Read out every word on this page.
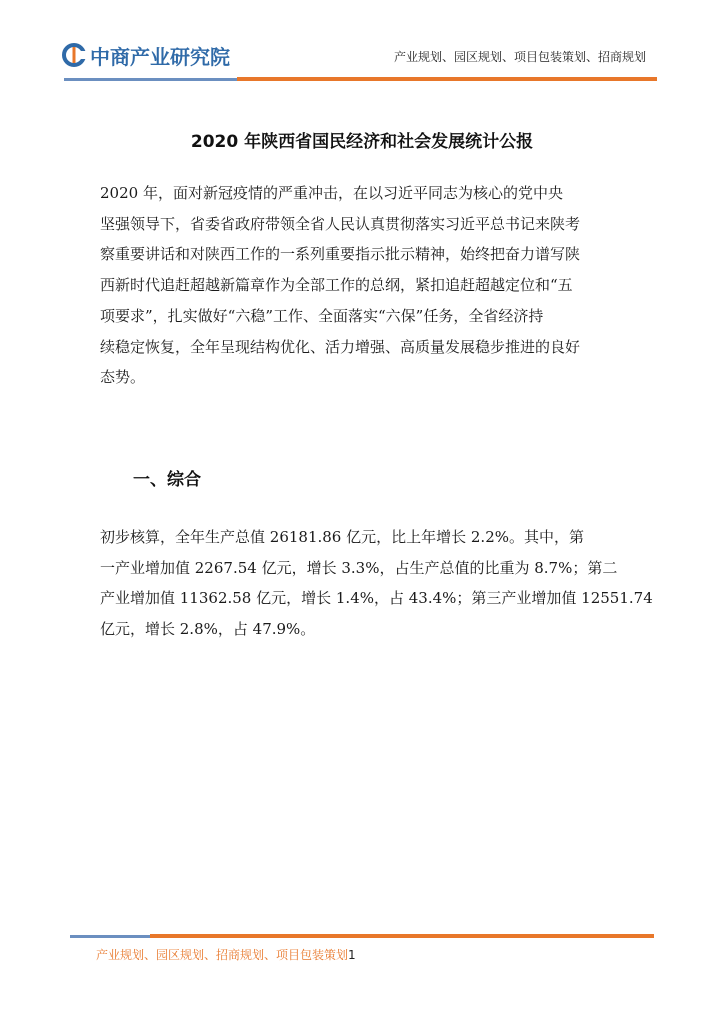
中商产业研究院	产业规划、园区规划、项目包装策划、招商规划
2020 年陕西省国民经济和社会发展统计公报

2020 年，面对新冠疫情的严重冲击，在以习近平同志为核心的党中央
坚强领导下，省委省政府带领全省人民认真贯彻落实习近平总书记来陕考
察重要讲话和对陕西工作的一系列重要指示批示精神，始终把奋力谱写陕
西新时代追赶超越新篇章作为全部工作的总纲，紧扣追赶超越定位和“五
项要求”，扎实做好“六稳”工作、全面落实“六保”任务，全省经济持
续稳定恢复，全年呈现结构优化、活力增强、高质量发展稳步推进的良好
态势。

一、综合

初步核算，全年生产总值 26181.86 亿元，比上年增长 2.2%。其中，第
一产业增加值 2267.54 亿元，增长 3.3%，占生产总值的比重为 8.7%；第二
产业增加值 11362.58 亿元，增长 1.4%，占 43.4%；第三产业增加值 12551.74
亿元，增长 2.8%，占 47.9%。

产业规划、园区规划、招商规划、项目包装策划1
